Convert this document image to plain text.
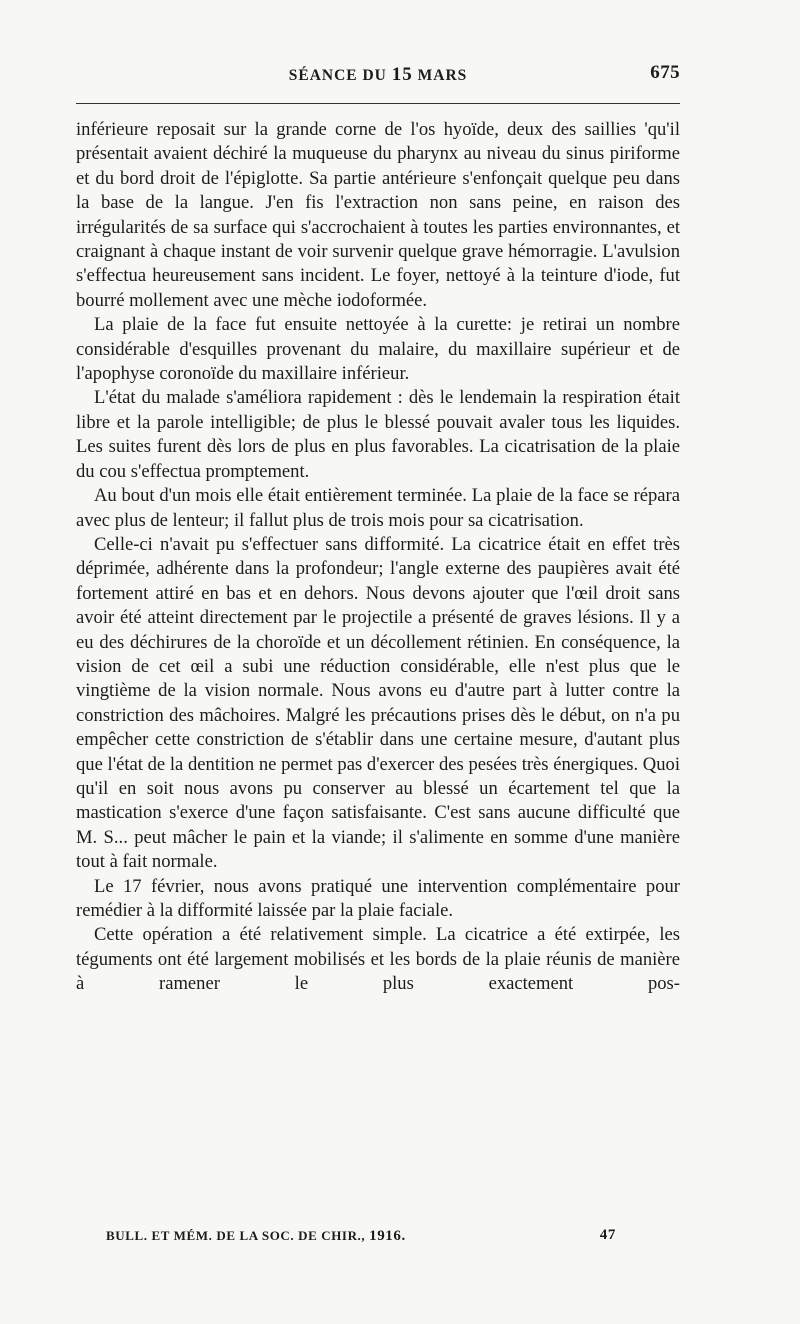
SÉANCE DU 15 MARS	675

inférieure reposait sur la grande corne de l'os hyoïde, deux des saillies 'qu'il présentait avaient déchiré la muqueuse du pharynx au niveau du sinus piriforme et du bord droit de l'épiglotte. Sa partie antérieure s'enfonçait quelque peu dans la base de la langue. J'en fis l'extraction non sans peine, en raison des irrégularités de sa surface qui s'accrochaient à toutes les parties environnantes, et craignant à chaque instant de voir survenir quelque grave hémorragie. L'avulsion s'effectua heureusement sans incident. Le foyer, nettoyé à la teinture d'iode, fut bourré mollement avec une mèche iodoformée.

La plaie de la face fut ensuite nettoyée à la curette: je retirai un nombre considérable d'esquilles provenant du malaire, du maxillaire supérieur et de l'apophyse coronoïde du maxillaire inférieur.

L'état du malade s'améliora rapidement : dès le lendemain la respiration était libre et la parole intelligible; de plus le blessé pouvait avaler tous les liquides. Les suites furent dès lors de plus en plus favorables. La cicatrisation de la plaie du cou s'effectua promptement.

Au bout d'un mois elle était entièrement terminée. La plaie de la face se répara avec plus de lenteur; il fallut plus de trois mois pour sa cicatrisation.

Celle-ci n'avait pu s'effectuer sans difformité. La cicatrice était en effet très déprimée, adhérente dans la profondeur; l'angle externe des paupières avait été fortement attiré en bas et en dehors. Nous devons ajouter que l'œil droit sans avoir été atteint directement par le projectile a présenté de graves lésions. Il y a eu des déchirures de la choroïde et un décollement rétinien. En conséquence, la vision de cet œil a subi une réduction considérable, elle n'est plus que le vingtième de la vision normale. Nous avons eu d'autre part à lutter contre la constriction des mâchoires. Malgré les précautions prises dès le début, on n'a pu empêcher cette constriction de s'établir dans une certaine mesure, d'autant plus que l'état de la dentition ne permet pas d'exercer des pesées très énergiques. Quoi qu'il en soit nous avons pu conserver au blessé un écartement tel que la mastication s'exerce d'une façon satisfaisante. C'est sans aucune difficulté que M. S... peut mâcher le pain et la viande; il s'alimente en somme d'une manière tout à fait normale.

Le 17 février, nous avons pratiqué une intervention complémentaire pour remédier à la difformité laissée par la plaie faciale.

Cette opération a été relativement simple. La cicatrice a été extirpée, les téguments ont été largement mobilisés et les bords de la plaie réunis de manière à ramener le plus exactement pos-

BULL. ET MÉM. DE LA SOC. DE CHIR., 1916.	47
